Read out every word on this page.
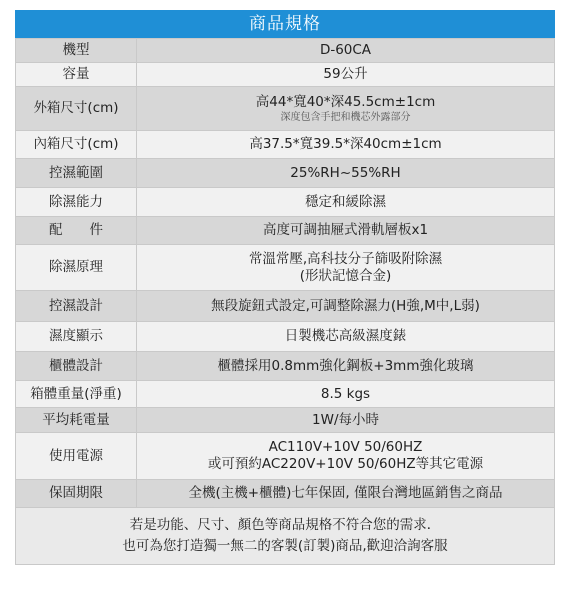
商品規格
機型	D-60CA
容量	59公升
外箱尺寸(cm)	高44*寬40*深45.5cm±1cm
深度包含手把和機芯外露部分

內箱尺寸(cm)	高37.5*寬39.5*深40cm±1cm
控濕範圍	25%RH~55%RH
除濕能力	穩定和緩除濕
配　　件	高度可調抽屜式滑軌層板x1
除濕原理	常溫常壓,高科技分子篩吸附除濕
(形狀記憶合金)

控濕設計	無段旋鈕式設定,可調整除濕力(H強,M中,L弱)
濕度顯示	日製機芯高級濕度錶
櫃體設計	櫃體採用0.8mm強化鋼板+3mm強化玻璃
箱體重量(淨重)	8.5 kgs
平均耗電量	1W/每小時
使用電源	AC110V+10V 50/60HZ
或可預約AC220V+10V 50/60HZ等其它電源

保固期限	全機(主機+櫃體)七年保固, 僅限台灣地區銷售之商品
若是功能、尺寸、顏色等商品規格不符合您的需求．
也可為您打造獨一無二的客製(訂製)商品,歡迎洽詢客服
